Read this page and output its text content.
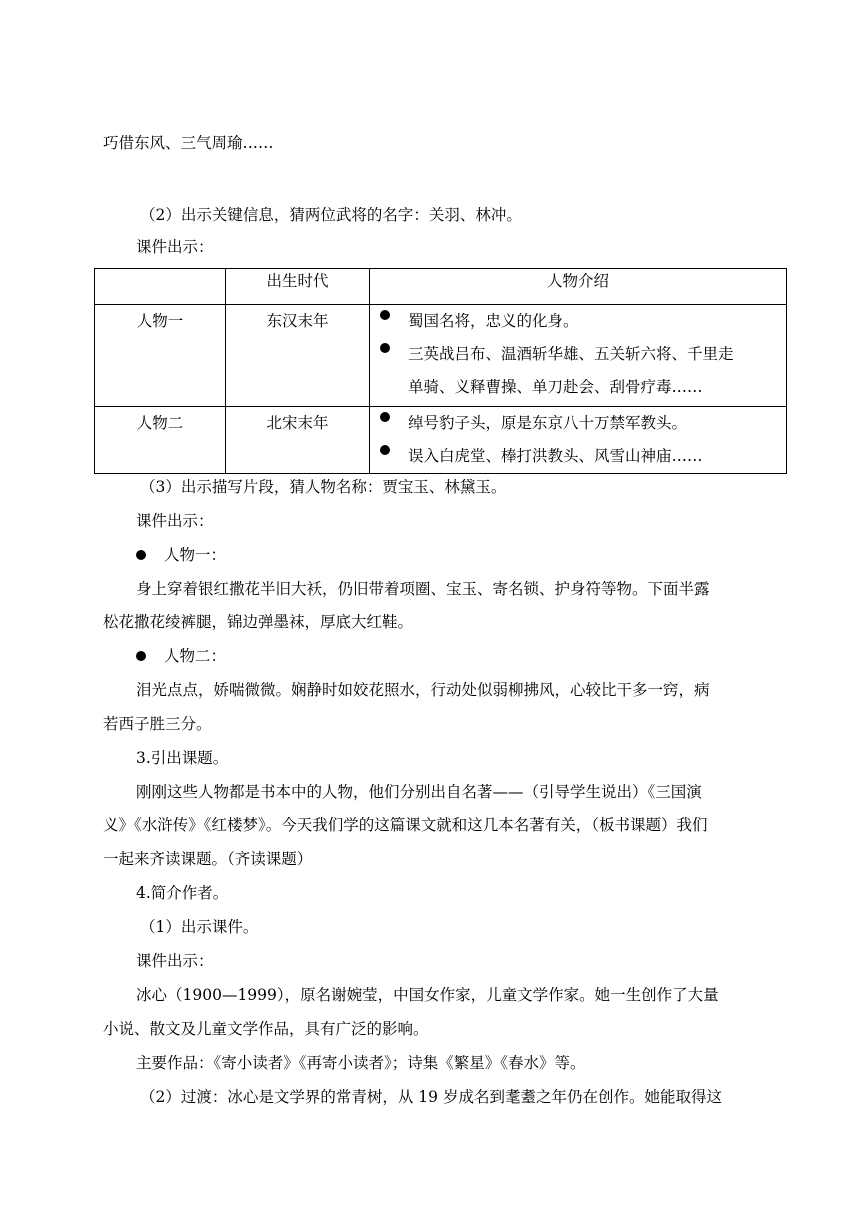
巧借东风、三气周瑜……
（2）出示关键信息，猜两位武将的名字：关羽、林冲。
课件出示：
	出生时代	人物介绍

人物一	东汉末年	蜀国名将，忠义的化身。
三英战吕布、温酒斩华雄、五关斩六将、千里走
单骑、义释曹操、单刀赴会、刮骨疗毒……

人物二	北宋末年	绰号豹子头，原是东京八十万禁军教头。
误入白虎堂、棒打洪教头、风雪山神庙……
（3）出示描写片段，猜人物名称：贾宝玉、林黛玉。
课件出示：
人物一：
身上穿着银红撒花半旧大袄，仍旧带着项圈、宝玉、寄名锁、护身符等物。下面半露
松花撒花绫裤腿，锦边弹墨袜，厚底大红鞋。
人物二：
泪光点点，娇喘微微。娴静时如姣花照水，行动处似弱柳拂风，心较比干多一窍，病
若西子胜三分。
3.引出课题。
刚刚这些人物都是书本中的人物，他们分别出自名著——（引导学生说出）《三国演
义》《水浒传》《红楼梦》。今天我们学的这篇课文就和这几本名著有关，（板书课题）我们
一起来齐读课题。（齐读课题）
4.简介作者。
（1）出示课件。
课件出示：
冰心（1900—1999），原名谢婉莹，中国女作家，儿童文学作家。她一生创作了大量
小说、散文及儿童文学作品，具有广泛的影响。
主要作品：《寄小读者》《再寄小读者》；诗集《繁星》《春水》等。
（2）过渡：冰心是文学界的常青树，从 19 岁成名到耄耋之年仍在创作。她能取得这
